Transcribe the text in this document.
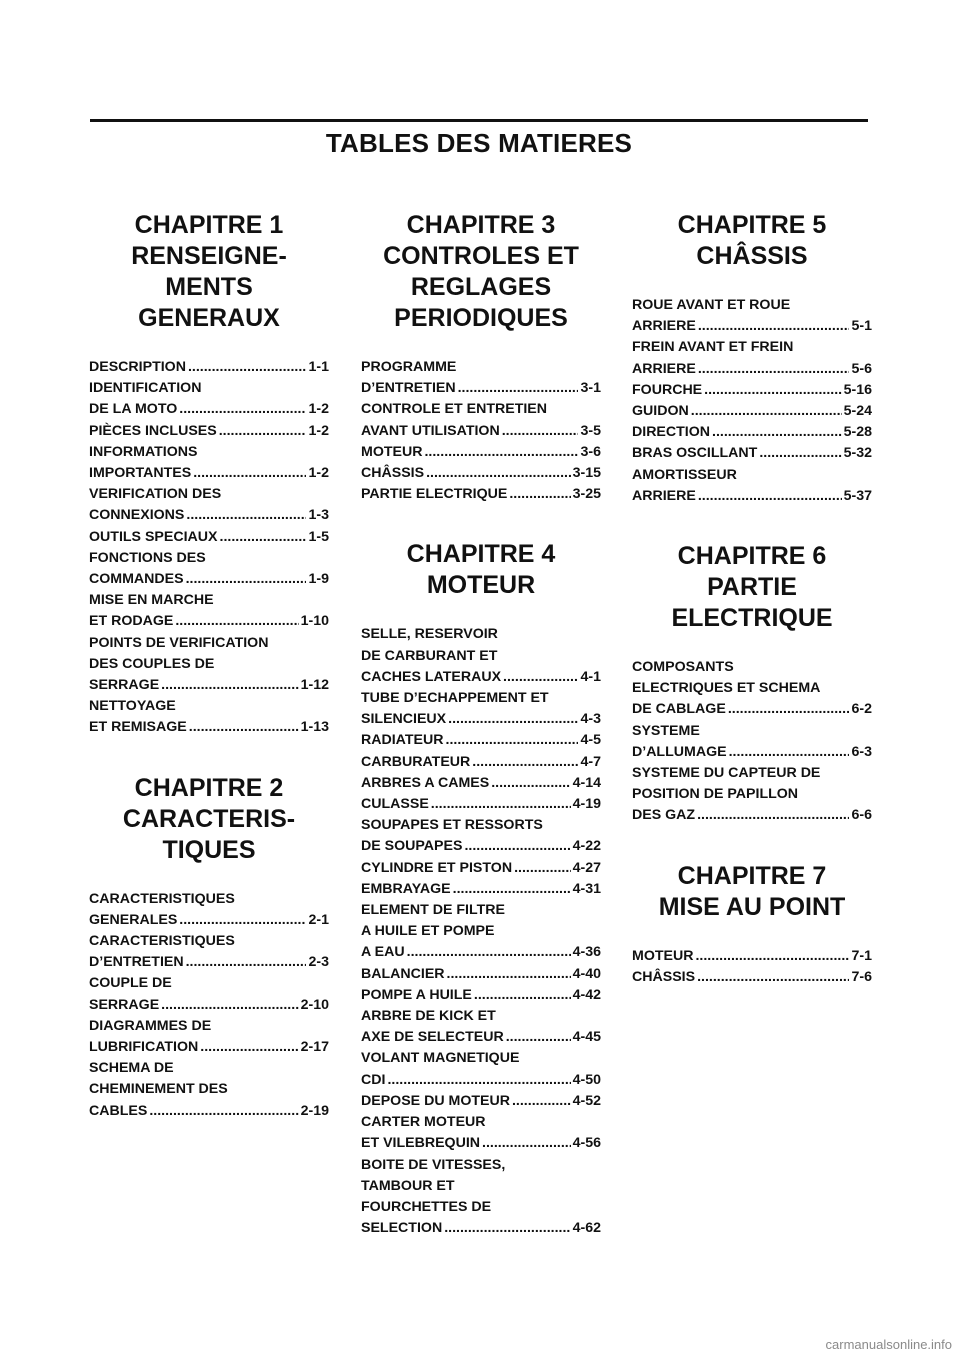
TABLES DES MATIERES
CHAPITRE 1
RENSEIGNE-
MENTS
GENERAUX
DESCRIPTION .....	1-1
IDENTIFICATION
DE LA MOTO .....	1-2
PIÈCES INCLUSES .....	1-2
INFORMATIONS
IMPORTANTES .....	1-2
VERIFICATION DES
CONNEXIONS .....	1-3
OUTILS SPECIAUX .....	1-5
FONCTIONS DES
COMMANDES .....	1-9
MISE EN MARCHE
ET RODAGE .....	1-10
POINTS DE VERIFICATION
DES COUPLES DE
SERRAGE .....	1-12
NETTOYAGE
ET REMISAGE .....	1-13
CHAPITRE 2
CARACTERIS-
TIQUES
CARACTERISTIQUES
GENERALES .....	2-1
CARACTERISTIQUES
D’ENTRETIEN .....	2-3
COUPLE DE
SERRAGE .....	2-10
DIAGRAMMES DE
LUBRIFICATION .....	2-17
SCHEMA DE
CHEMINEMENT DES
CABLES .....	2-19
CHAPITRE 3
CONTROLES ET
REGLAGES
PERIODIQUES
PROGRAMME
D’ENTRETIEN .....	3-1
CONTROLE ET ENTRETIEN
AVANT UTILISATION .....	3-5
MOTEUR .....	3-6
CHÂSSIS .....	3-15
PARTIE ELECTRIQUE .....	3-25
CHAPITRE 4
MOTEUR
SELLE, RESERVOIR
DE CARBURANT ET
CACHES LATERAUX .....	4-1
TUBE D’ECHAPPEMENT ET
SILENCIEUX .....	4-3
RADIATEUR .....	4-5
CARBURATEUR .....	4-7
ARBRES A CAMES .....	4-14
CULASSE .....	4-19
SOUPAPES ET RESSORTS
DE SOUPAPES .....	4-22
CYLINDRE ET PISTON .....	4-27
EMBRAYAGE .....	4-31
ELEMENT DE FILTRE
A HUILE ET POMPE
A EAU .....	4-36
BALANCIER .....	4-40
POMPE A HUILE .....	4-42
ARBRE DE KICK ET
AXE DE SELECTEUR .....	4-45
VOLANT MAGNETIQUE
CDI .....	4-50
DEPOSE DU MOTEUR .....	4-52
CARTER MOTEUR
ET VILEBREQUIN .....	4-56
BOITE DE VITESSES,
TAMBOUR ET
FOURCHETTES DE
SELECTION .....	4-62
CHAPITRE 5
CHÂSSIS
ROUE AVANT ET ROUE
ARRIERE .....	5-1
FREIN AVANT ET FREIN
ARRIERE .....	5-6
FOURCHE .....	5-16
GUIDON .....	5-24
DIRECTION .....	5-28
BRAS OSCILLANT .....	5-32
AMORTISSEUR
ARRIERE .....	5-37
CHAPITRE 6
PARTIE
ELECTRIQUE
COMPOSANTS
ELECTRIQUES ET SCHEMA
DE CABLAGE .....	6-2
SYSTEME
D’ALLUMAGE .....	6-3
SYSTEME DU CAPTEUR DE
POSITION DE PAPILLON
DES GAZ .....	6-6
CHAPITRE 7
MISE AU POINT
MOTEUR .....	7-1
CHÂSSIS .....	7-6
carmanualsonline.info
